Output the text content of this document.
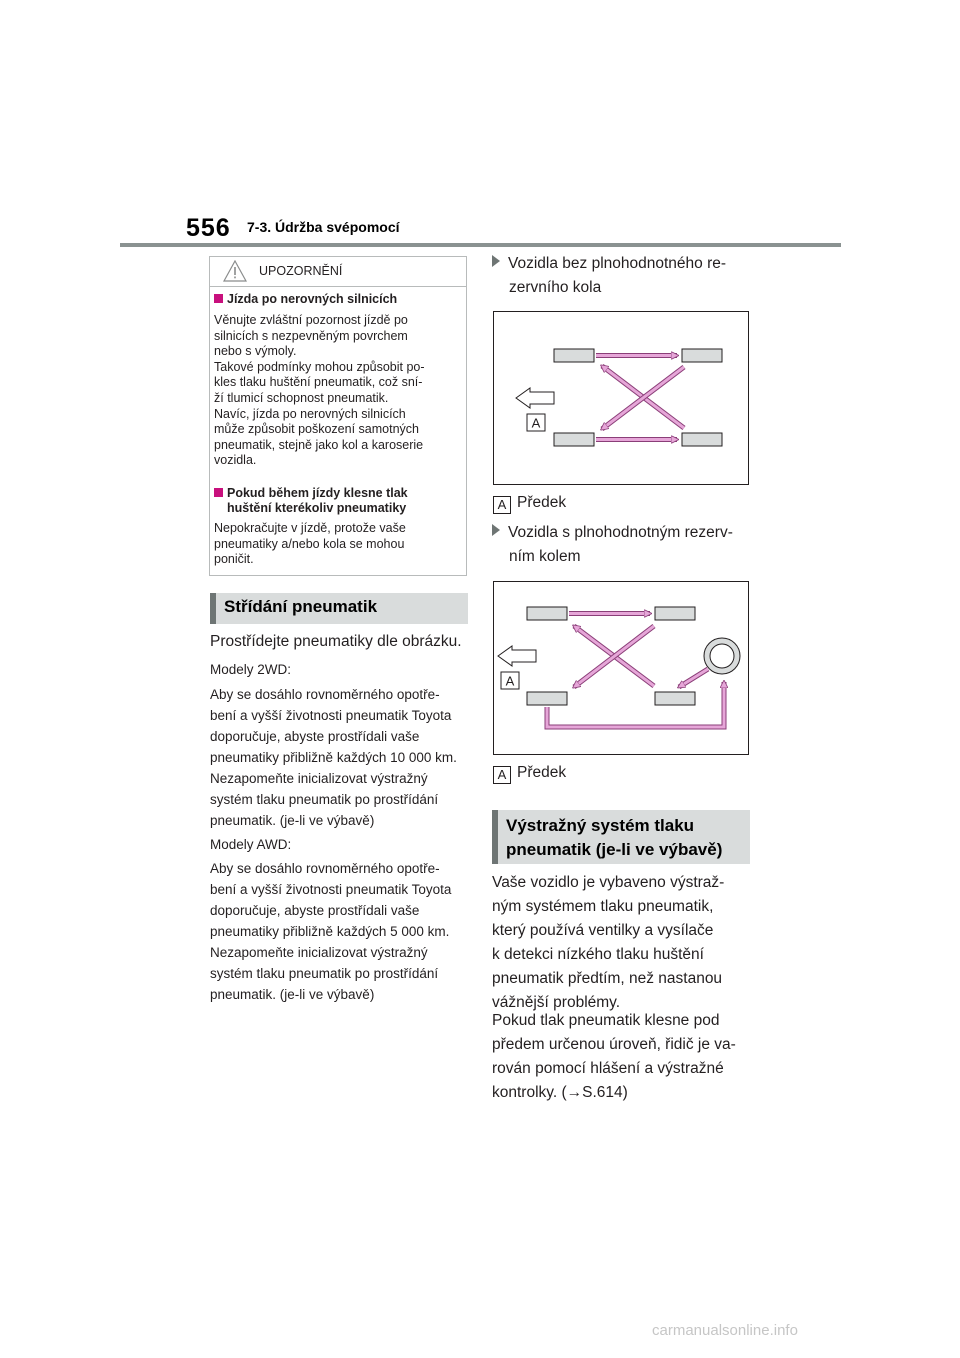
556 7-3. Údržba svépomocí
UPOZORNĚNÍ
Jízda po nerovných silnicích
Věnujte zvláštní pozornost jízdě po
silnicích s nezpevněným povrchem
nebo s výmoly.
Takové podmínky mohou způsobit po-
kles tlaku huštění pneumatik, což sní-
ží tlumicí schopnost pneumatik.
Navíc, jízda po nerovných silnicích
může způsobit poškození samotných
pneumatik, stejně jako kol a karoserie
vozidla.
Pokud během jízdy klesne tlak
huštění kterékoliv pneumatiky
Nepokračujte v jízdě, protože vaše
pneumatiky a/nebo kola se mohou
poničit.
Střídání pneumatik
Prostřídejte pneumatiky dle obrázku.
Modely 2WD:
Aby se dosáhlo rovnoměrného opotře-
bení a vyšší životnosti pneumatik Toyota
doporučuje, abyste prostřídali vaše
pneumatiky přibližně každých 10 000 km.
Nezapomeňte inicializovat výstražný
systém tlaku pneumatik po prostřídání
pneumatik. (je-li ve výbavě)
Modely AWD:
Aby se dosáhlo rovnoměrného opotře-
bení a vyšší životnosti pneumatik Toyota
doporučuje, abyste prostřídali vaše
pneumatiky přibližně každých 5 000 km.
Nezapomeňte inicializovat výstražný
systém tlaku pneumatik po prostřídání
pneumatik. (je-li ve výbavě)
Vozidla bez plnohodnotného re-
zervního kola
A
A Předek
Vozidla s plnohodnotným rezerv-
ním kolem
A
A Předek
Výstražný systém tlaku
pneumatik (je-li ve výbavě)
Vaše vozidlo je vybaveno výstraž-
ným systémem tlaku pneumatik,
který používá ventilky a vysílače
k detekci nízkého tlaku huštění
pneumatik předtím, než nastanou
vážnější problémy.
Pokud tlak pneumatik klesne pod
předem určenou úroveň, řidič je va-
rován pomocí hlášení a výstražné
kontrolky. (→S.614)
carmanualsonline.info
